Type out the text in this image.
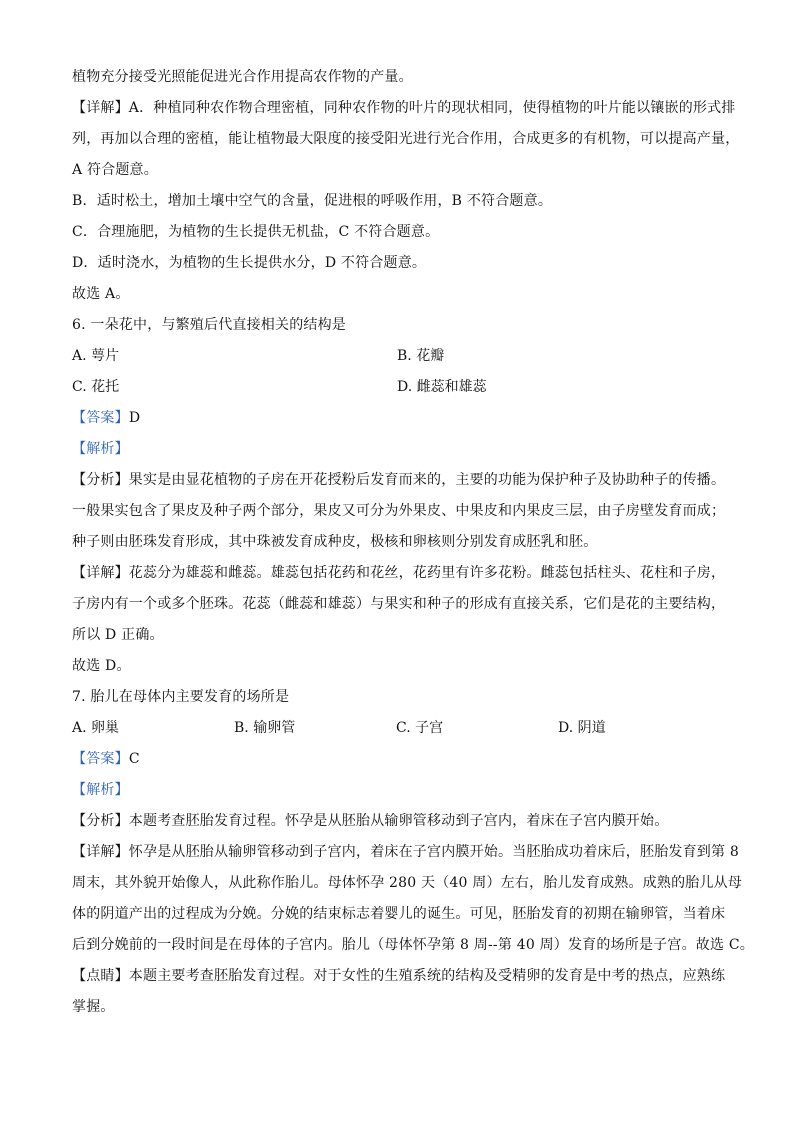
植物充分接受光照能促进光合作用提高农作物的产量。
【详解】A．种植同种农作物合理密植，同种农作物的叶片的现状相同，使得植物的叶片能以镶嵌的形式排
列，再加以合理的密植，能让植物最大限度的接受阳光进行光合作用，合成更多的有机物，可以提高产量，
A 符合题意。
B．适时松土，增加土壤中空气的含量，促进根的呼吸作用，B 不符合题意。
C．合理施肥，为植物的生长提供无机盐，C 不符合题意。
D．适时浇水，为植物的生长提供水分，D 不符合题意。
故选 A。
6. 一朵花中，与繁殖后代直接相关的结构是
A. 萼片	B. 花瓣
C. 花托	D. 雌蕊和雄蕊
【答案】D
【解析】
【分析】果实是由显花植物的子房在开花授粉后发育而来的，主要的功能为保护种子及协助种子的传播。
一般果实包含了果皮及种子两个部分，果皮又可分为外果皮、中果皮和内果皮三层，由子房壁发育而成；
种子则由胚珠发育形成，其中珠被发育成种皮，极核和卵核则分别发育成胚乳和胚。
【详解】花蕊分为雄蕊和雌蕊。雄蕊包括花药和花丝，花药里有许多花粉。雌蕊包括柱头、花柱和子房，
子房内有一个或多个胚珠。花蕊（雌蕊和雄蕊）与果实和种子的形成有直接关系，它们是花的主要结构，
所以 D 正确。
故选 D。
7. 胎儿在母体内主要发育的场所是
A. 卵巢	B. 输卵管	C. 子宫	D. 阴道
【答案】C
【解析】
【分析】本题考查胚胎发育过程。怀孕是从胚胎从输卵管移动到子宫内，着床在子宫内膜开始。
【详解】怀孕是从胚胎从输卵管移动到子宫内，着床在子宫内膜开始。当胚胎成功着床后，胚胎发育到第 8
周末，其外貌开始像人，从此称作胎儿。母体怀孕 280 天（40 周）左右，胎儿发育成熟。成熟的胎儿从母
体的阴道产出的过程成为分娩。分娩的结束标志着婴儿的诞生。可见，胚胎发育的初期在输卵管，当着床
后到分娩前的一段时间是在母体的子宫内。胎儿（母体怀孕第 8 周--第 40 周）发育的场所是子宫。故选 C。
【点睛】本题主要考查胚胎发育过程。对于女性的生殖系统的结构及受精卵的发育是中考的热点，应熟练
掌握。
